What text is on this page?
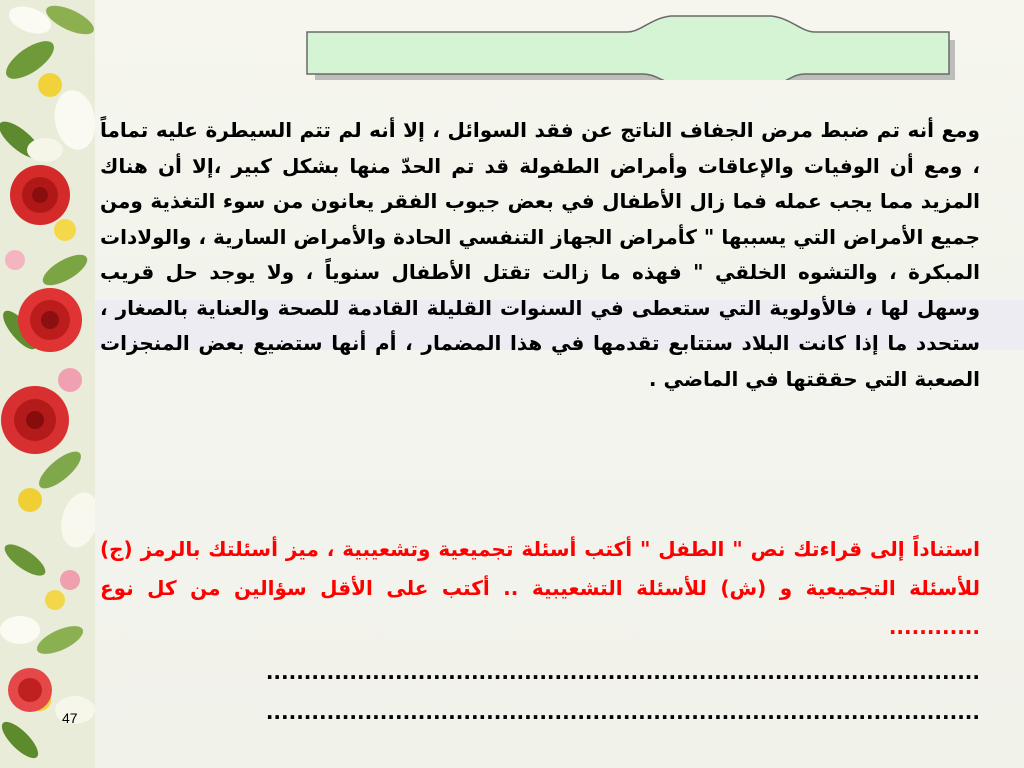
ومع أنه تم ضبط مرض الجفاف الناتج عن فقد السوائل ، إلا أنه لم تتم السيطرة عليه تماماً ، ومع أن الوفيات والإعاقات وأمراض الطفولة قد تم الحدّ منها بشكل كبير ،إلا أن هناك المزيد مما يجب عمله فما زال الأطفال في بعض جيوب الفقر يعانون من سوء التغذية ومن جميع الأمراض التي يسببها " كأمراض الجهاز التنفسي الحادة والأمراض السارية ، والولادات المبكرة ، والتشوه الخلقي " فهذه ما زالت تقتل الأطفال سنوياً ، ولا يوجد حل قريب وسهل لها ، فالأولوية التي ستعطى في السنوات القليلة القادمة للصحة والعناية بالصغار ، ستحدد ما إذا كانت البلاد ستتابع تقدمها في هذا المضمار ، أم أنها ستضيع بعض المنجزات الصعبة التي حققتها في الماضي .
استناداً إلى قراءتك نص " الطفل " أكتب أسئلة تجميعية وتشعيبية ، ميز أسئلتك بالرمز (ج) للأسئلة التجميعية و (ش) للأسئلة التشعيبية .. أكتب على الأقل سؤالين من كل نوع ............
..............................................................................................
..............................................................................................
47
